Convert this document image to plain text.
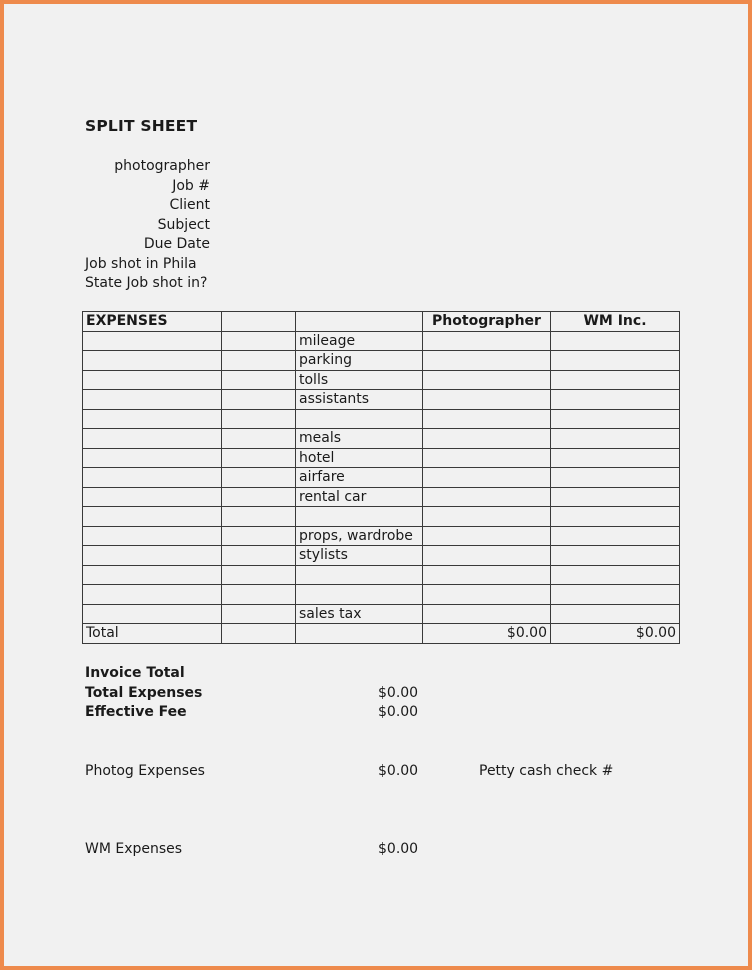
SPLIT SHEET
photographer
Job #
Client
Subject
Due Date
Job shot in Phila
State Job shot in?
EXPENSES			Photographer	WM Inc.
		mileage		
		parking		
		tolls		
		assistants		

		meals		
		hotel		
		airfare		
		rental car		

		props, wardrobe		
		stylists		

		sales tax		
Total			$0.00	$0.00
Invoice Total
Total Expenses	$0.00
Effective Fee	$0.00
Photog Expenses	$0.00	Petty cash check #
WM Expenses	$0.00
